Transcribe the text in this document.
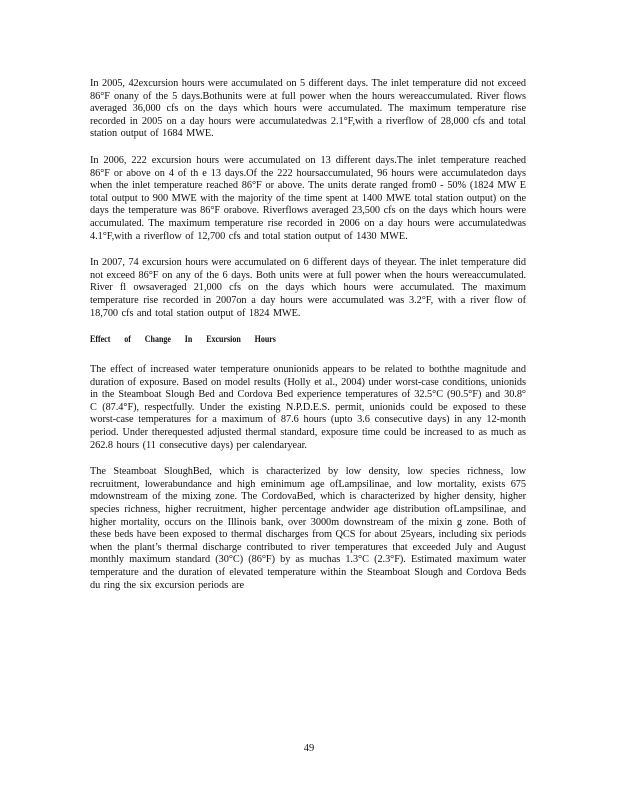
In 2005, 42excursion hours were accumulated on 5 different days. The inlet temperature did not exceed 86°F onany of the 5 days.Bothunits were at full power when the hours wereaccumulated. River flows averaged 36,000 cfs on the days which hours were accumulated. The maximum temperature rise recorded in 2005 on a day hours were accumulatedwas 2.1°F,with a riverflow of 28,000 cfs and total station output of 1684 MWE.

In 2006, 222 excursion hours were accumulated on 13 different days.The inlet temperature reached 86°F or above on 4 of th e 13 days.Of the 222 hoursaccumulated, 96 hours were accumulatedon days when the inlet temperature reached 86°F or above. The units derate ranged from0 - 50% (1824 MW E total output to 900 MWE with the majority of the time spent at 1400 MWE total station output) on the days the temperature was 86°F orabove. Riverflows averaged 23,500 cfs on the days which hours were accumulated. The maximum temperature rise recorded in 2006 on a day hours were accumulatedwas 4.1°F,with a riverflow of 12,700 cfs and total station output of 1430 MWE.

In 2007, 74 excursion hours were accumulated on 6 different days of theyear. The inlet temperature did not exceed 86°F on any of the 6 days. Both units were at full power when the hours wereaccumulated. River fl owsaveraged 21,000 cfs on the days which hours were accumulated. The maximum temperature rise recorded in 2007on a day hours were accumulated was 3.2°F, with a river flow of 18,700 cfs and total station output of 1824 MWE.

Effect of Change In Excursion Hours

The effect of increased water temperature onunionids appears to be related to boththe magnitude and duration of exposure. Based on model results (Holly et al., 2004) under worst-case conditions, unionids in the Steamboat Slough Bed and Cordova Bed experience temperatures of 32.5°C (90.5°F) and 30.8° C (87.4°F), respectfully. Under the existing N.P.D.E.S. permit, unionids could be exposed to these worst-case temperatures for a maximum of 87.6 hours (upto 3.6 consecutive days) in any 12-month period. Under therequested adjusted thermal standard, exposure time could be increased to as much as 262.8 hours (11 consecutive days) per calendaryear.

The Steamboat SloughBed, which is characterized by low density, low species richness, low recruitment, lowerabundance and high eminimum age ofLampsilinae, and low mortality, exists 675 mdownstream of the mixing zone. The CordovaBed, which is characterized by higher density, higher species richness, higher recruitment, higher percentage andwider age distribution ofLampsilinae, and higher mortality, occurs on the Illinois bank, over 3000m downstream of the mixin g zone. Both of these beds have been exposed to thermal discharges from QCS for about 25years, including six periods when the plant’s thermal discharge contributed to river temperatures that exceeded July and August monthly maximum standard (30°C) (86°F) by as muchas 1.3°C (2.3°F). Estimated maximum water temperature and the duration of elevated temperature within the Steamboat Slough and Cordova Beds du ring the six excursion periods are

49
